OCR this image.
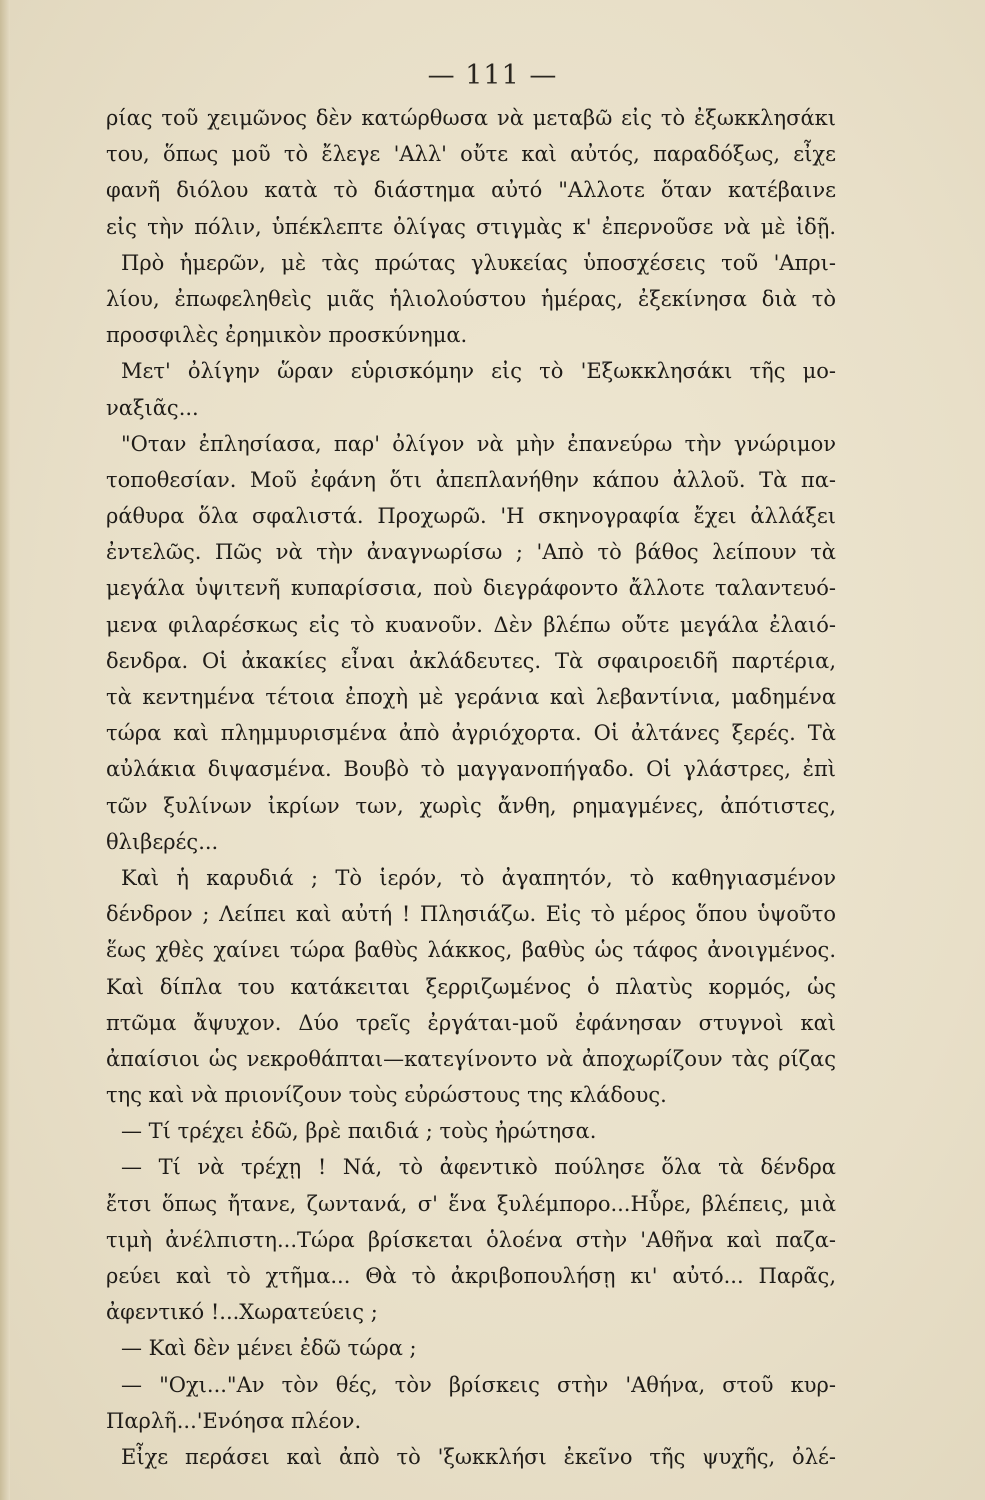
— 111 —
ρίας τοῦ χειμῶνος δὲν κατώρθωσα νὰ μεταβῶ εἰς τὸ ἐξωκκλησάκι
του, ὅπως μοῦ τὸ ἔλεγε 'Αλλ' οὔτε καὶ αὐτός, παραδόξως, εἶχε
φανῆ διόλου κατὰ τὸ διάστημα αὐτό "Αλλοτε ὅταν κατέβαινε
εἰς τὴν πόλιν, ὑπέκλεπτε ὀλίγας στιγμὰς κ' ἐπερνοῦσε νὰ μὲ ἰδῇ.
Πρὸ ἡμερῶν, μὲ τὰς πρώτας γλυκείας ὑποσχέσεις τοῦ 'Απρι-
λίου, ἐπωφεληθεὶς μιᾶς ἡλιολούστου ἡμέρας, ἐξεκίνησα διὰ τὸ
προσφιλὲς ἐρημικὸν προσκύνημα.
Μετ' ὀλίγην ὥραν εὑρισκόμην εἰς τὸ 'Εξωκκλησάκι τῆς μο-
ναξιᾶς...
"Οταν ἐπλησίασα, παρ' ὀλίγον νὰ μὴν ἐπανεύρω τὴν γνώριμον
τοποθεσίαν. Μοῦ ἐφάνη ὅτι ἀπεπλανήθην κάπου ἀλλοῦ. Τὰ πα-
ράθυρα ὅλα σφαλιστά. Προχωρῶ. 'Η σκηνογραφία ἔχει ἀλλάξει
ἐντελῶς. Πῶς νὰ τὴν ἀναγνωρίσω ; 'Απὸ τὸ βάθος λείπουν τὰ
μεγάλα ὑψιτενῆ κυπαρίσσια, ποὺ διεγράφοντο ἄλλοτε ταλαντευό-
μενα φιλαρέσκως εἰς τὸ κυανοῦν. Δὲν βλέπω οὔτε μεγάλα ἐλαιό-
δενδρα. Οἱ ἀκακίες εἶναι ἀκλάδευτες. Τὰ σφαιροειδῆ παρτέρια,
τὰ κεντημένα τέτοια ἐποχὴ μὲ γεράνια καὶ λεβαντίνια, μαδημένα
τώρα καὶ πλημμυρισμένα ἀπὸ ἀγριόχορτα. Οἱ ἀλτάνες ξερές. Τὰ
αὐλάκια διψασμένα. Βουβὸ τὸ μαγγανοπήγαδο. Οἱ γλάστρες, ἐπὶ
τῶν ξυλίνων ἰκρίων των, χωρὶς ἄνθη, ρημαγμένες, ἀπότιστες,
θλιβερές...
Καὶ ἡ καρυδιά ; Τὸ ἱερόν, τὸ ἀγαπητόν, τὸ καθηγιασμένον
δένδρον ; Λείπει καὶ αὐτή ! Πλησιάζω. Εἰς τὸ μέρος ὅπου ὑψοῦτο
ἕως χθὲς χαίνει τώρα βαθὺς λάκκος, βαθὺς ὡς τάφος ἀνοιγμένος.
Καὶ δίπλα του κατάκειται ξερριζωμένος ὁ πλατὺς κορμός, ὡς
πτῶμα ἄψυχον. Δύο τρεῖς ἐργάται-μοῦ ἐφάνησαν στυγνοὶ καὶ
ἀπαίσιοι ὡς νεκροθάπται—κατεγίνοντο νὰ ἀποχωρίζουν τὰς ρίζας
της καὶ νὰ πριονίζουν τοὺς εὐρώστους της κλάδους.
— Τί τρέχει ἐδῶ, βρὲ παιδιά ; τοὺς ἠρώτησα.
— Τί νὰ τρέχῃ ! Νά, τὸ ἀφεντικὸ πούλησε ὅλα τὰ δένδρα
ἔτσι ὅπως ἤτανε, ζωντανά, σ' ἕνα ξυλέμπορο...Ηὗρε, βλέπεις, μιὰ
τιμὴ ἀνέλπιστη...Τώρα βρίσκεται ὁλοένα στὴν 'Αθῆνα καὶ παζα-
ρεύει καὶ τὸ χτῆμα... Θὰ τὸ ἀκριβοπουλήσῃ κι' αὐτό... Παρᾶς,
ἀφεντικό !...Χωρατεύεις ;
— Καὶ δὲν μένει ἐδῶ τώρα ;
— "Οχι..."Αν τὸν θές, τὸν βρίσκεις στὴν 'Αθήνα, στοῦ κυρ-
Παρλῆ...'Ενόησα πλέον.
Εἶχε περάσει καὶ ἀπὸ τὸ 'ξωκκλήσι ἐκεῖνο τῆς ψυχῆς, ὀλέ-
